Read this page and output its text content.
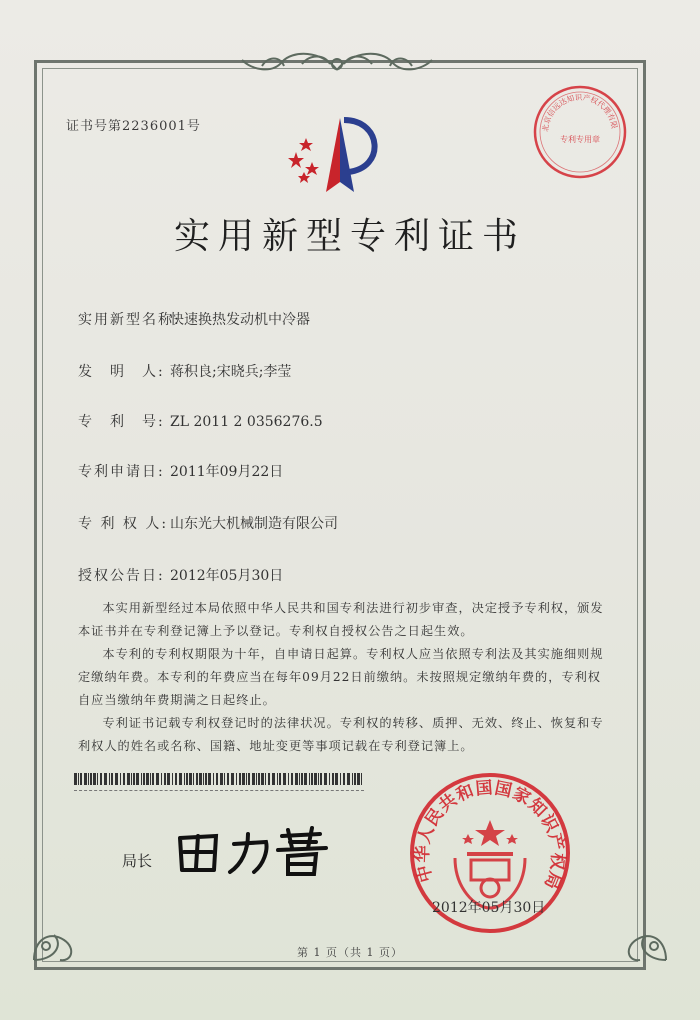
证书号第2236001号	北京信远达知识产权代理有限
专利专用章
实用新型专利证书
实用新型名称:快速换热发动机中冷器
发　明　人: 蒋积良;宋晓兵;李莹
专　利　号: ZL 2011 2 0356276.5
专利申请日: 2011年09月22日
专 利 权 人: 山东光大机械制造有限公司
授权公告日: 2012年05月30日

本实用新型经过本局依照中华人民共和国专利法进行初步审查，决定授予专利权，颁发本证书并在专利登记簿上予以登记。专利权自授权公告之日起生效。

本专利的专利权期限为十年，自申请日起算。专利权人应当依照专利法及其实施细则规定缴纳年费。本专利的年费应当在每年09月22日前缴纳。未按照规定缴纳年费的，专利权自应当缴纳年费期满之日起终止。

专利证书记载专利权登记时的法律状况。专利权的转移、质押、无效、终止、恢复和专利权人的姓名或名称、国籍、地址变更等事项记载在专利登记簿上。

局长
中华人民共和国国家知识产权局
2012年05月30日
第 1 页（共 1 页）
